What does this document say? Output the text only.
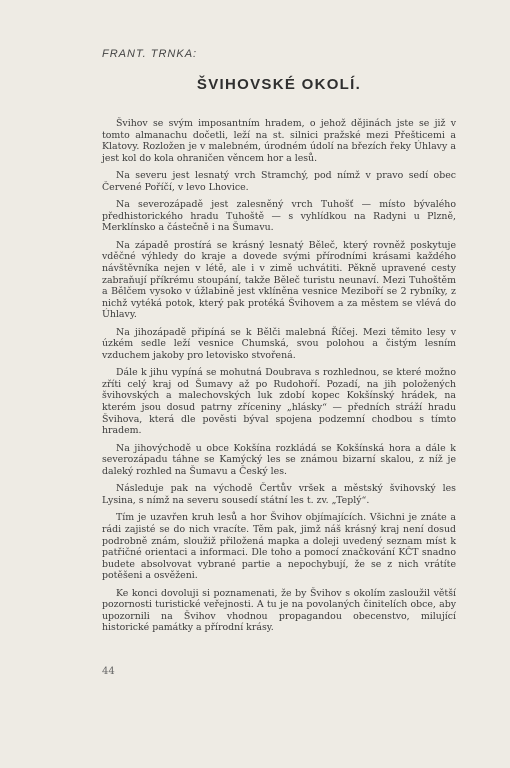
FRANT. TRNKA:
ŠVIHOVSKÉ OKOLÍ.

Švihov se svým imposantním hradem, o jehož dějinách jste se již v tomto almanachu dočetli, leží na st. silnici pražské mezi Přešticemi a Klatovy. Rozložen je v malebném, úrodném údolí na březích řeky Úhlavy a jest kol do kola ohraničen věncem hor a lesů.

Na severu jest lesnatý vrch Stramchý, pod nímž v pravo sedí obec Červené Poříčí, v levo Lhovice.

Na severozápadě jest zalesněný vrch Tuhošť — místo bývalého předhistorického hradu Tuhoště — s vyhlídkou na Radyni u Plzně, Merklínsko a částečně i na Šumavu.

Na západě prostírá se krásný lesnatý Běleč, který rovněž poskytuje vděčné výhledy do kraje a dovede svými přírodními krásami každého návštěvníka nejen v létě, ale i v zimě uchvátiti. Pěkně upravené cesty zabraňují příkrému stoupání, takže Běleč turistu neunaví. Mezi Tuhoštěm a Bělčem vysoko v úžlabině jest vklíněna vesnice Meziboří se 2 rybníky, z nichž vytéká potok, který pak protéká Švihovem a za městem se vlévá do Úhlavy.

Na jihozápadě připíná se k Bělči malebná Říčej. Mezi těmito lesy v úzkém sedle leží vesnice Chumská, svou polohou a čistým lesním vzduchem jakoby pro letovisko stvořená.

Dále k jihu vypíná se mohutná Doubrava s rozhlednou, se které možno zříti celý kraj od Šumavy až po Rudohoří. Pozadí, na jih položených švihovských a malechovských luk zdobí kopec Kokšínský hrádek, na kterém jsou dosud patrny zříceniny „hlásky“ — předních stráží hradu Švihova, která dle pověsti býval spojena podzemní chodbou s tímto hradem.

Na jihovýchodě u obce Kokšína rozkládá se Kokšínská hora a dále k severozápadu táhne se Kamýcký les se známou bizarní skalou, z níž je daleký rozhled na Šumavu a Český les.

Následuje pak na východě Čertův vršek a městský švihovský les Lysina, s nímž na severu sousedí státní les t. zv. „Teplý“.

Tím je uzavřen kruh lesů a hor Švihov objímajících. Všichni je znáte a rádi zajisté se do nich vracíte. Těm pak, jimž náš krásný kraj není dosud podrobně znám, sloužiž přiložená mapka a doleji uvedený seznam míst k patřičné orientaci a informaci. Dle toho a pomocí značkování KČT snadno budete absolvovat vybrané partie a nepochybují, že se z nich vrátíte potěšeni a osvěženi.

Ke konci dovoluji si poznamenati, že by Švihov s okolím zasloužil větší pozornosti turistické veřejnosti. A tu je na povolaných činitelích obce, aby upozornili na Švihov vhodnou propagandou obecenstvo, milující historické památky a přírodní krásy.

44
